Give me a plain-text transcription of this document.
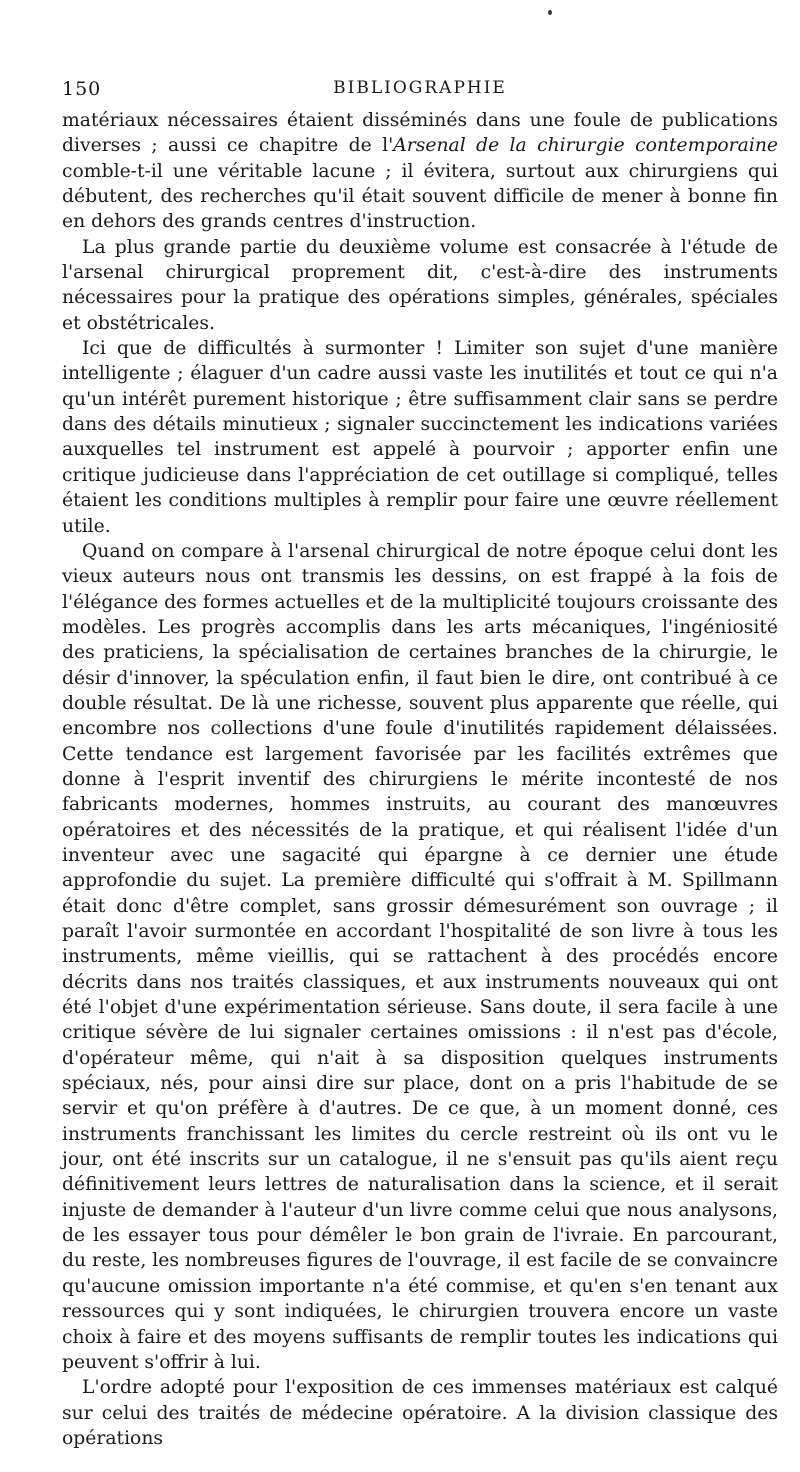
150	BIBLIOGRAPHIE

matériaux nécessaires étaient disséminés dans une foule de publications diverses ; aussi ce chapitre de l'Arsenal de la chirurgie contemporaine comble-t-il une véritable lacune ; il évitera, surtout aux chirurgiens qui débutent, des recherches qu'il était souvent difficile de mener à bonne fin en dehors des grands centres d'instruction.

La plus grande partie du deuxième volume est consacrée à l'étude de l'arsenal chirurgical proprement dit, c'est-à-dire des instruments nécessaires pour la pratique des opérations simples, générales, spéciales et obstétricales.

Ici que de difficultés à surmonter ! Limiter son sujet d'une manière intelligente ; élaguer d'un cadre aussi vaste les inutilités et tout ce qui n'a qu'un intérêt purement historique ; être suffisamment clair sans se perdre dans des détails minutieux ; signaler succinctement les indications variées auxquelles tel instrument est appelé à pourvoir ; apporter enfin une critique judicieuse dans l'appréciation de cet outillage si compliqué, telles étaient les conditions multiples à remplir pour faire une œuvre réellement utile.

Quand on compare à l'arsenal chirurgical de notre époque celui dont les vieux auteurs nous ont transmis les dessins, on est frappé à la fois de l'élégance des formes actuelles et de la multiplicité toujours croissante des modèles. Les progrès accomplis dans les arts mécaniques, l'ingéniosité des praticiens, la spécialisation de certaines branches de la chirurgie, le désir d'innover, la spéculation enfin, il faut bien le dire, ont contribué à ce double résultat. De là une richesse, souvent plus apparente que réelle, qui encombre nos collections d'une foule d'inutilités rapidement délaissées. Cette tendance est largement favorisée par les facilités extrêmes que donne à l'esprit inventif des chirurgiens le mérite incontesté de nos fabricants modernes, hommes instruits, au courant des manœuvres opératoires et des nécessités de la pratique, et qui réalisent l'idée d'un inventeur avec une sagacité qui épargne à ce dernier une étude approfondie du sujet. La première difficulté qui s'offrait à M. Spillmann était donc d'être complet, sans grossir démesurément son ouvrage ; il paraît l'avoir surmontée en accordant l'hospitalité de son livre à tous les instruments, même vieillis, qui se rattachent à des procédés encore décrits dans nos traités classiques, et aux instruments nouveaux qui ont été l'objet d'une expérimentation sérieuse. Sans doute, il sera facile à une critique sévère de lui signaler certaines omissions : il n'est pas d'école, d'opérateur même, qui n'ait à sa disposition quelques instruments spéciaux, nés, pour ainsi dire sur place, dont on a pris l'habitude de se servir et qu'on préfère à d'autres. De ce que, à un moment donné, ces instruments franchissant les limites du cercle restreint où ils ont vu le jour, ont été inscrits sur un catalogue, il ne s'ensuit pas qu'ils aient reçu définitivement leurs lettres de naturalisation dans la science, et il serait injuste de demander à l'auteur d'un livre comme celui que nous analysons, de les essayer tous pour démêler le bon grain de l'ivraie. En parcourant, du reste, les nombreuses figures de l'ouvrage, il est facile de se convaincre qu'aucune omission importante n'a été commise, et qu'en s'en tenant aux ressources qui y sont indiquées, le chirurgien trouvera encore un vaste choix à faire et des moyens suffisants de remplir toutes les indications qui peuvent s'offrir à lui.

L'ordre adopté pour l'exposition de ces immenses matériaux est calqué sur celui des traités de médecine opératoire. A la division classique des opérations
